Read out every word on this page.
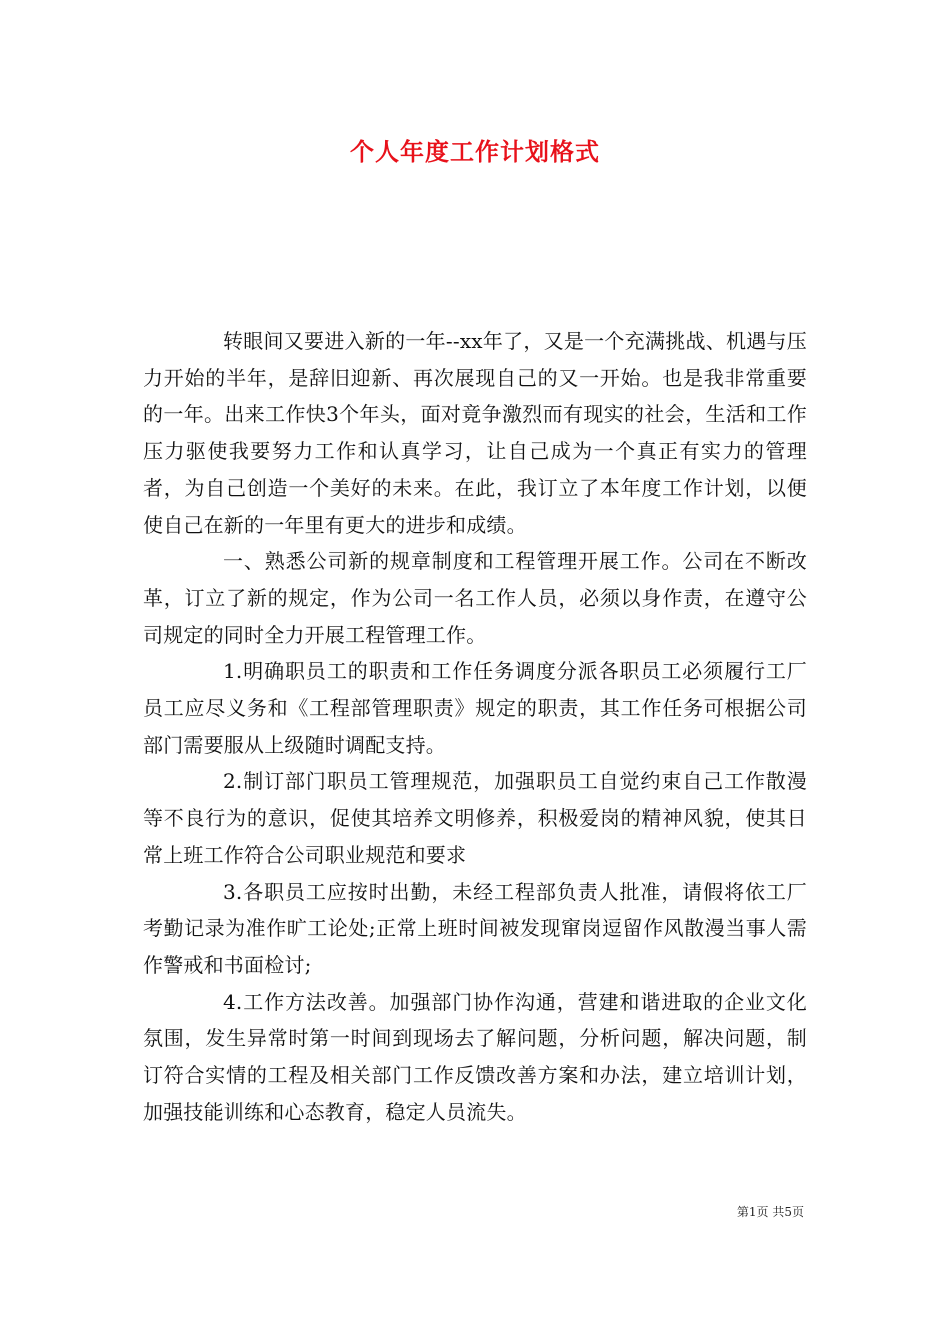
个人年度工作计划格式

转眼间又要进入新的一年--xx年了，又是一个充满挑战、机遇与压力开始的半年，是辞旧迎新、再次展现自己的又一开始。也是我非常重要的一年。出来工作快3个年头，面对竟争激烈而有现实的社会，生活和工作压力驱使我要努力工作和认真学习，让自己成为一个真正有实力的管理者，为自己创造一个美好的未来。在此，我订立了本年度工作计划，以便使自己在新的一年里有更大的进步和成绩。

一、熟悉公司新的规章制度和工程管理开展工作。公司在不断改革，订立了新的规定，作为公司一名工作人员，必须以身作责，在遵守公司规定的同时全力开展工程管理工作。

1.明确职员工的职责和工作任务调度分派各职员工必须履行工厂员工应尽义务和《工程部管理职责》规定的职责，其工作任务可根据公司部门需要服从上级随时调配支持。

2.制订部门职员工管理规范，加强职员工自觉约束自己工作散漫等不良行为的意识，促使其培养文明修养，积极爱岗的精神风貌，使其日常上班工作符合公司职业规范和要求

3.各职员工应按时出勤，未经工程部负责人批准，请假将依工厂考勤记录为准作旷工论处;正常上班时间被发现窜岗逗留作风散漫当事人需作警戒和书面检讨;

4.工作方法改善。加强部门协作沟通，营建和谐进取的企业文化氛围，发生异常时第一时间到现场去了解问题，分析问题，解决问题，制订符合实情的工程及相关部门工作反馈改善方案和办法，建立培训计划，加强技能训练和心态教育，稳定人员流失。

第1页 共5页
